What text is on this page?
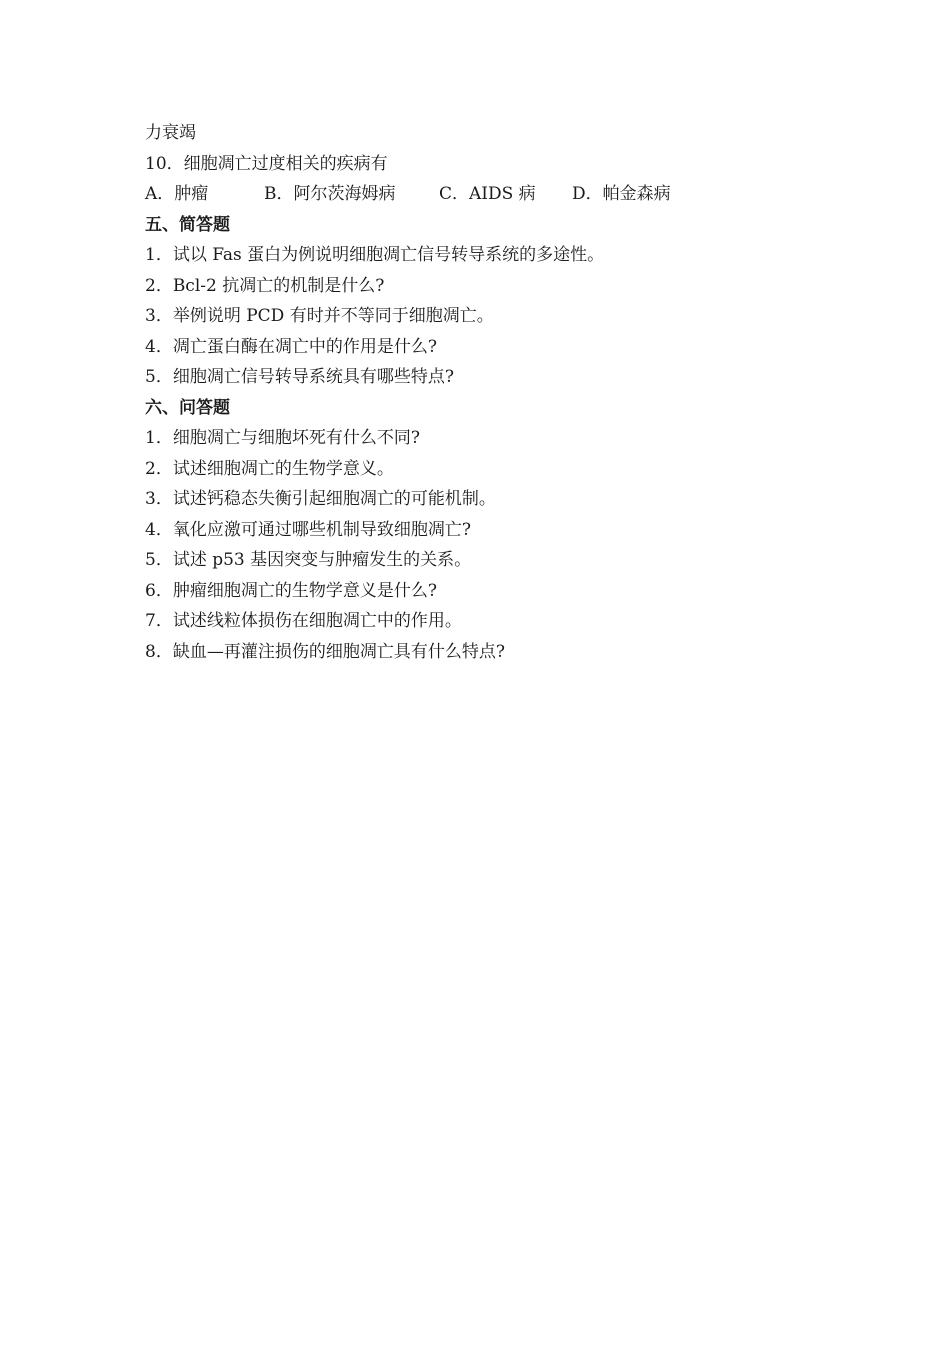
力衰竭
10．细胞凋亡过度相关的疾病有
A．肿瘤	B．阿尔茨海姆病	C．AIDS 病 D．帕金森病
五、简答题
1．试以 Fas 蛋白为例说明细胞凋亡信号转导系统的多途性。
2．Bcl-2 抗凋亡的机制是什么?
3．举例说明 PCD 有时并不等同于细胞凋亡。
4．凋亡蛋白酶在凋亡中的作用是什么?
5．细胞凋亡信号转导系统具有哪些特点?
六、问答题
1．细胞凋亡与细胞坏死有什么不同?
2．试述细胞凋亡的生物学意义。
3．试述钙稳态失衡引起细胞凋亡的可能机制。
4．氧化应激可通过哪些机制导致细胞凋亡?
5．试述 p53 基因突变与肿瘤发生的关系。
6．肿瘤细胞凋亡的生物学意义是什么?
7．试述线粒体损伤在细胞凋亡中的作用。
8．缺血—再灌注损伤的细胞凋亡具有什么特点?
